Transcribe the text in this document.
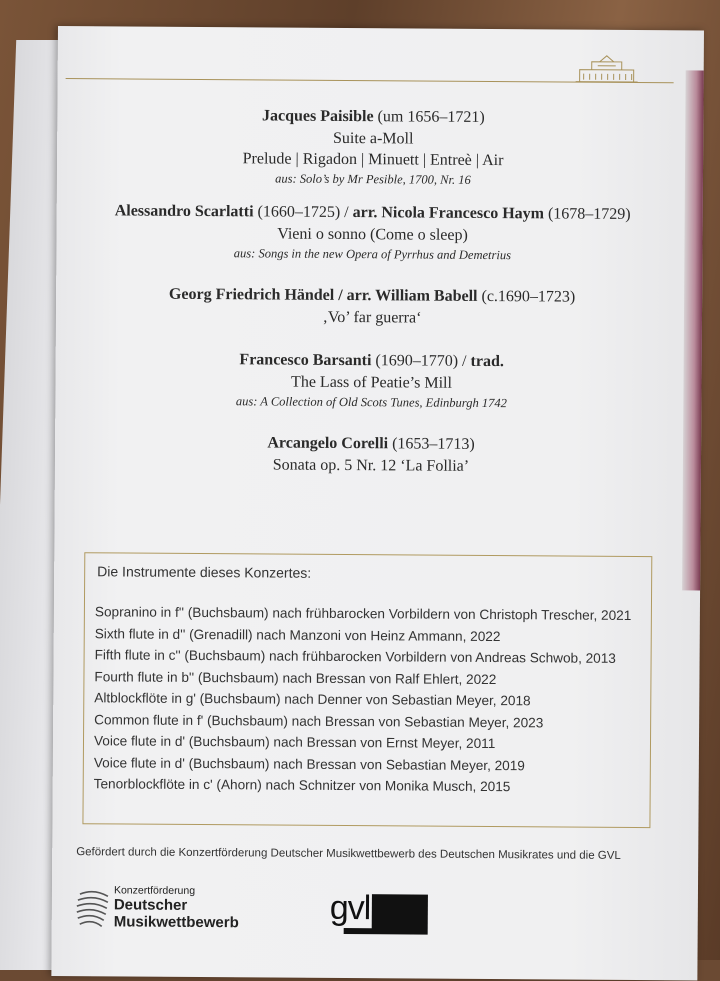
Jacques Paisible (um 1656–1721)
Suite a-Moll
Prelude | Rigadon | Minuett | Entreè | Air
aus: Solo’s by Mr Pesible, 1700, Nr. 16
Alessandro Scarlatti (1660–1725) / arr. Nicola Francesco Haym (1678–1729)
Vieni o sonno (Come o sleep)
aus: Songs in the new Opera of Pyrrhus and Demetrius
Georg Friedrich Händel / arr. William Babell (c.1690–1723)
‚Vo’ far guerra‘
Francesco Barsanti (1690–1770) / trad.
The Lass of Peatie’s Mill
aus: A Collection of Old Scots Tunes, Edinburgh 1742
Arcangelo Corelli (1653–1713)
Sonata op. 5 Nr. 12 ‘La Follia’
Die Instrumente dieses Konzertes:
Sopranino in f'' (Buchsbaum) nach frühbarocken Vorbildern von Christoph Trescher, 2021
Sixth flute in d'' (Grenadill) nach Manzoni von Heinz Ammann, 2022
Fifth flute in c'' (Buchsbaum) nach frühbarocken Vorbildern von Andreas Schwob, 2013
Fourth flute in b'' (Buchsbaum) nach Bressan von Ralf Ehlert, 2022
Altblockflöte in g' (Buchsbaum) nach Denner von Sebastian Meyer, 2018
Common flute in f' (Buchsbaum) nach Bressan von Sebastian Meyer, 2023
Voice flute in d' (Buchsbaum) nach Bressan von Ernst Meyer, 2011
Voice flute in d' (Buchsbaum) nach Bressan von Sebastian Meyer, 2019
Tenorblockflöte in c' (Ahorn) nach Schnitzer von Monika Musch, 2015
Gefördert durch die Konzertförderung Deutscher Musikwettbewerb des Deutschen Musikrates und die GVL
Konzertförderung
Deutscher
Musikwettbewerb	gvl
